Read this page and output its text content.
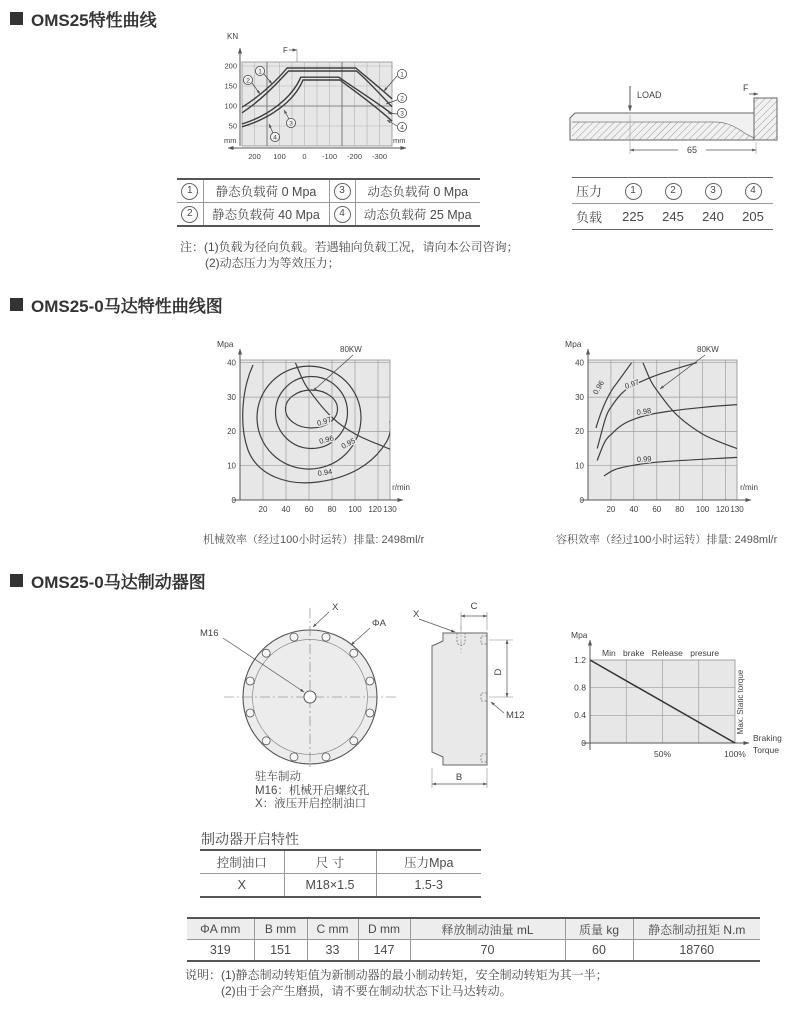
OMS25特性曲线
1
2
3
4
1
2
3
4
KN
F
mm	mm
200
150
100
50
200 100 0 -100 -200 -300
LOAD
F
65
1	静态负载荷 0 Mpa	3	动态负载荷 0 Mpa
2	静态负载荷 40 Mpa	4	动态负载荷 25 Mpa
压力	1	2	3	4
负载	225	245	240	205
注：(1)负载为径向负载。若遇轴向负载工况，请向本公司咨询；
(2)动态压力为等效压力；
OMS25-0马达特性曲线图
0.97
0.96 0.95
0.94
80KW
Mpa
r/min
40
30
20
10
0
20 40 60 80 100 120 130
机械效率（经过100小时运转）排量: 2498ml/r
0.96 0.97
0.98
0.99
80KW
Mpa
r/min
40
30
20
10
0
20 40 60 80 100 120 130
容积效率（经过100小时运转）排量: 2498ml/r
OMS25-0马达制动器图
M16
X
ΦA
驻车制动
M16：机械开启螺纹孔
X：液压开启控制油口
C
D
B
X
M12
Mpa
Min brake Release presure
1.2
0.8
0.4
0
50%	100%
Max. Static torque
Braking
Torque
制动器开启特性
控制油口	尺 寸	压力Mpa
X	M18×1.5	1.5-3
ΦA mm	B mm	C mm	D mm	释放制动油量 mL	质量 kg	静态制动扭矩 N.m
319	151	33	147	70	60	18760
说明：(1)静态制动转矩值为新制动器的最小制动转矩，安全制动转矩为其一半；
(2)由于会产生磨损，请不要在制动状态下让马达转动。
